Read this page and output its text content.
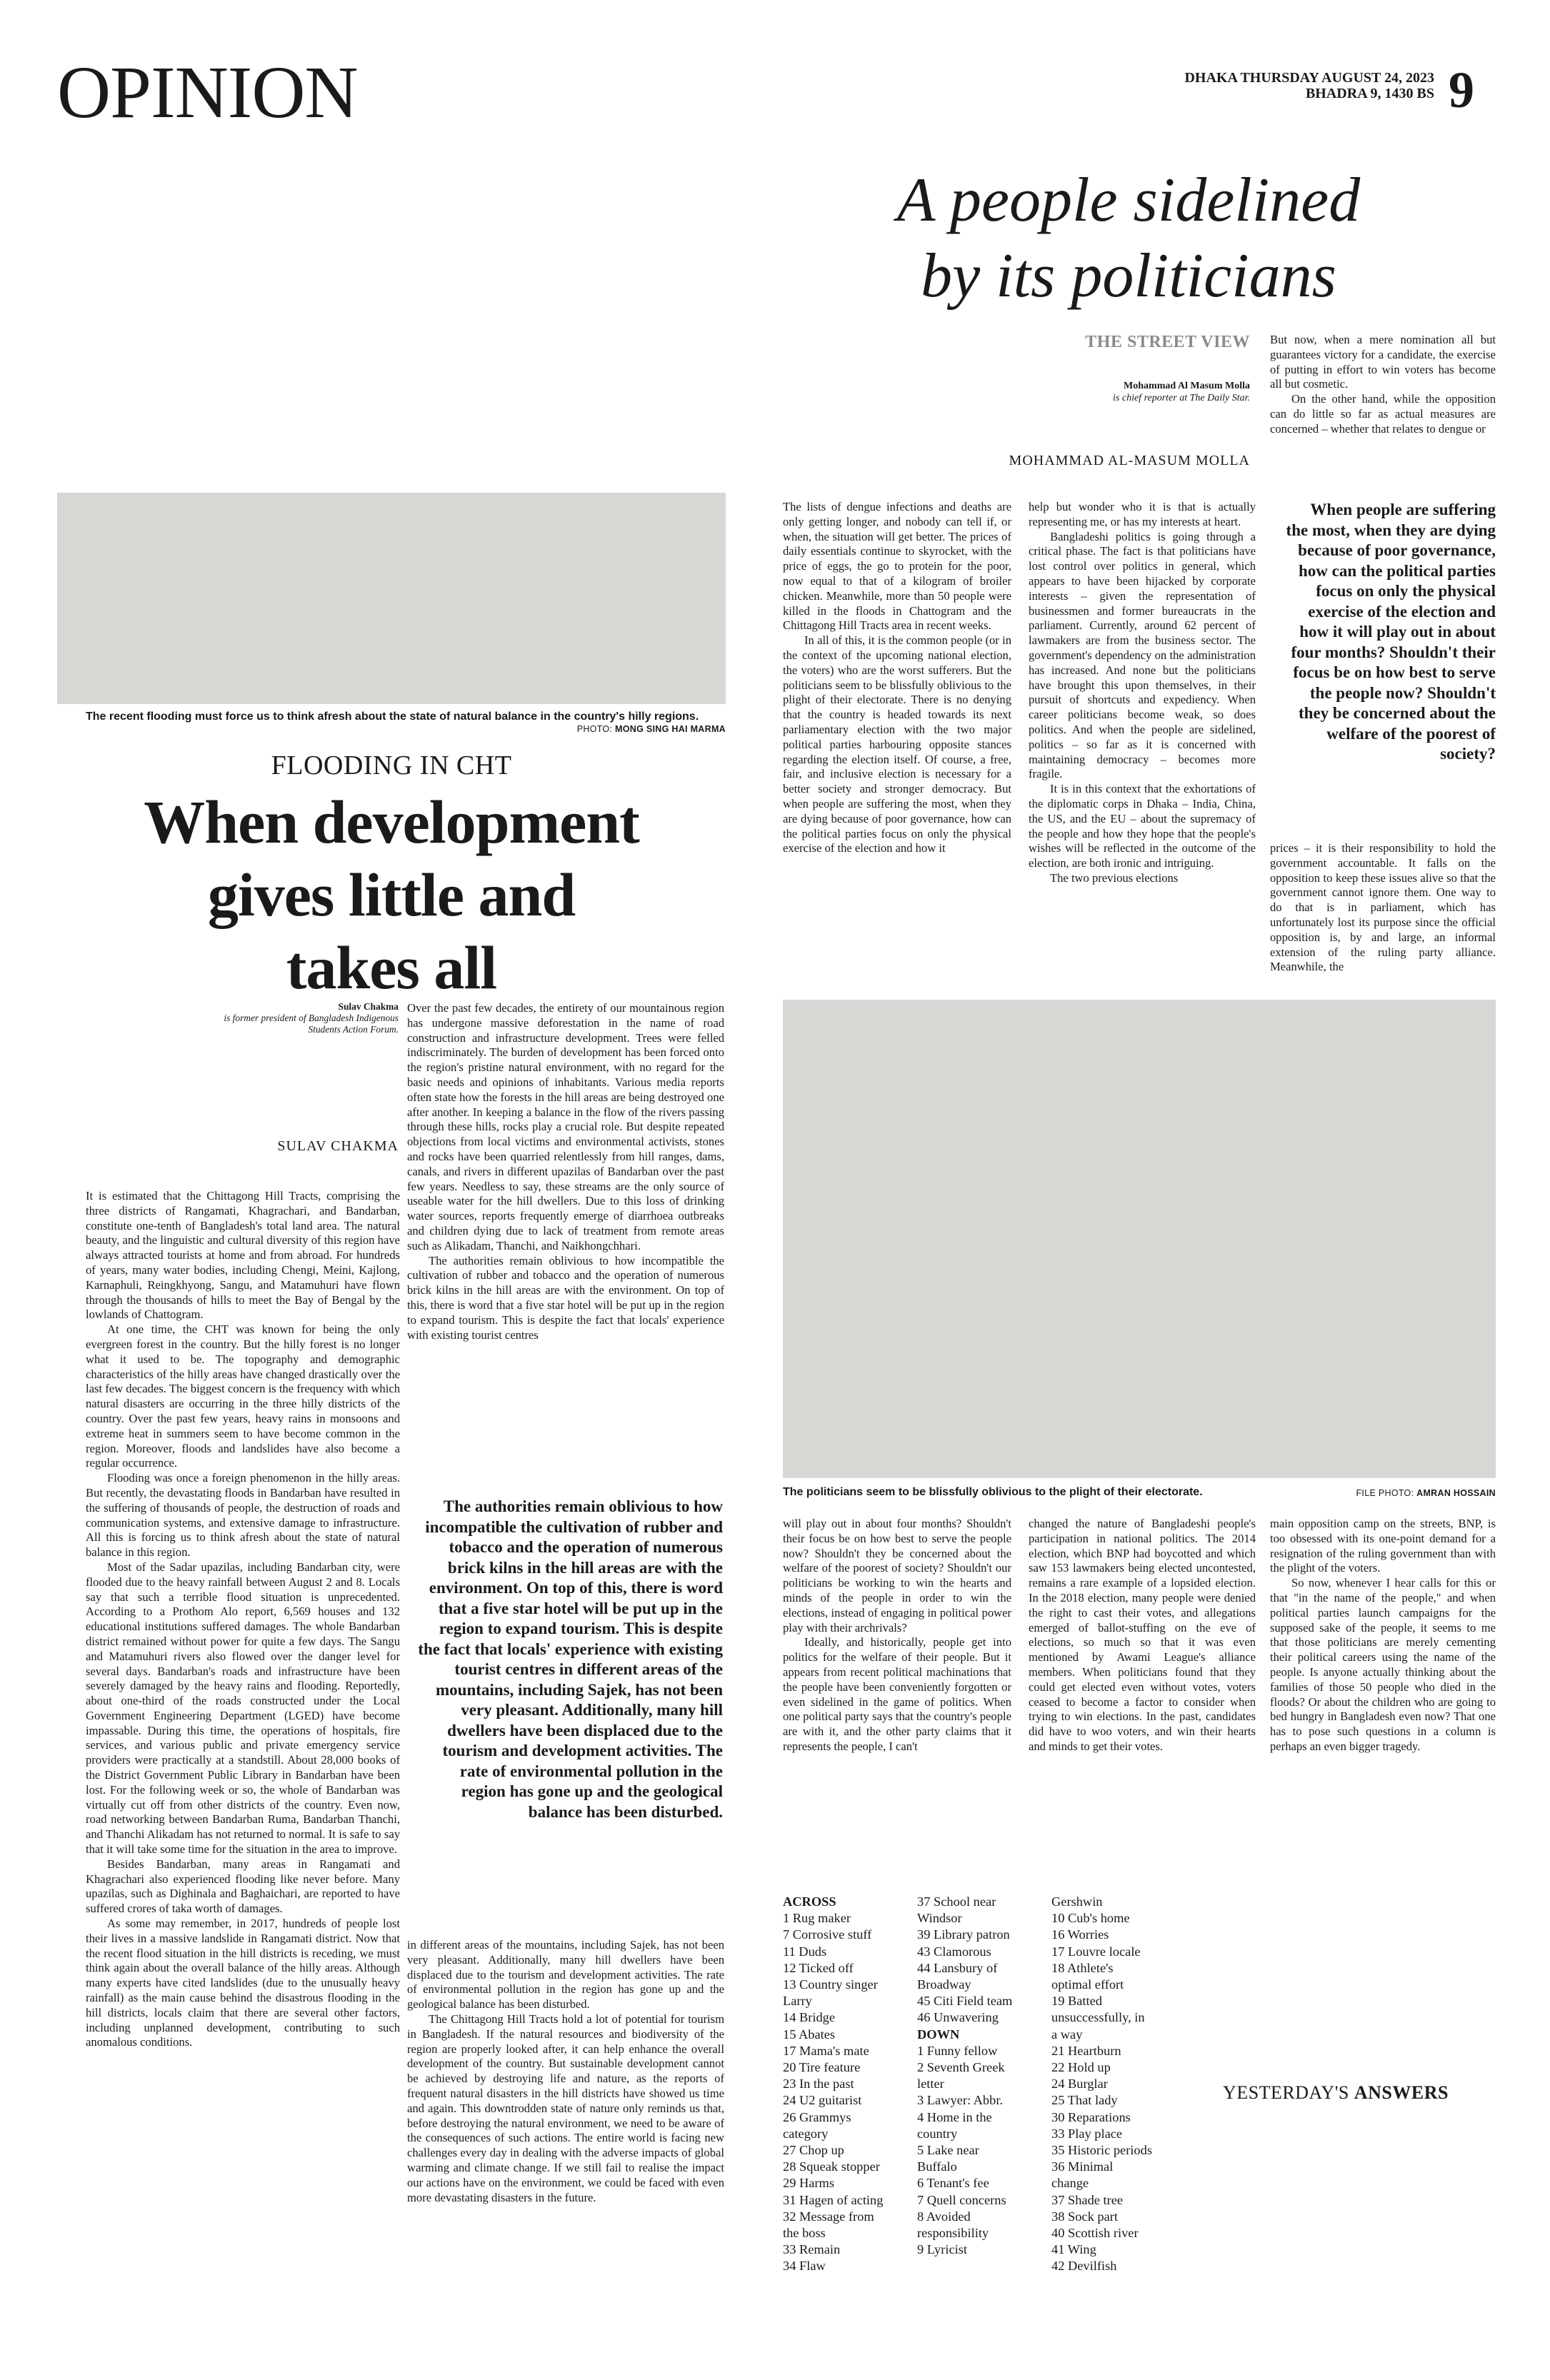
OPINION	DHAKA THURSDAY AUGUST 24, 2023
BHADRA 9, 1430 BS 9
A people sidelined
by its politicians
THE STREET VIEW
Mohammad Al Masum Molla
is chief reporter at The Daily Star.
MOHAMMAD AL-MASUM MOLLA

But now, when a mere nomination all but guarantees victory for a candidate, the exercise of putting in effort to win voters has become all but cosmetic.

On the other hand, while the opposition can do little so far as actual measures are concerned – whether that relates to dengue or

The lists of dengue infections and deaths are only getting longer, and nobody can tell if, or when, the situation will get better. The prices of daily essentials continue to skyrocket, with the price of eggs, the go to protein for the poor, now equal to that of a kilogram of broiler chicken. Meanwhile, more than 50 people were killed in the floods in Chattogram and the Chittagong Hill Tracts area in recent weeks.

In all of this, it is the common people (or in the context of the upcoming national election, the voters) who are the worst sufferers. But the politicians seem to be blissfully oblivious to the plight of their electorate. There is no denying that the country is headed towards its next parliamentary election with the two major political parties harbouring opposite stances regarding the election itself. Of course, a free, fair, and inclusive election is necessary for a better society and stronger democracy. But when people are suffering the most, when they are dying because of poor governance, how can the political parties focus on only the physical exercise of the election and how it

help but wonder who it is that is actually representing me, or has my interests at heart.

Bangladeshi politics is going through a critical phase. The fact is that politicians have lost control over politics in general, which appears to have been hijacked by corporate interests – given the representation of businessmen and former bureaucrats in the parliament. Currently, around 62 percent of lawmakers are from the business sector. The government's dependency on the administration has increased. And none but the politicians have brought this upon themselves, in their pursuit of shortcuts and expediency. When career politicians become weak, so does politics. And when the people are sidelined, politics – so far as it is concerned with maintaining democracy – becomes more fragile.

It is in this context that the exhortations of the diplomatic corps in Dhaka – India, China, the US, and the EU – about the supremacy of the people and how they hope that the people's wishes will be reflected in the outcome of the election, are both ironic and intriguing.

The two previous elections

When people are suffering the most, when they are dying because of poor governance, how can the political parties focus on only the physical exercise of the election and how it will play out in about four months? Shouldn't their focus be on how best to serve the people now? Shouldn't they be concerned about the welfare of the poorest of society?

prices – it is their responsibility to hold the government accountable. It falls on the opposition to keep these issues alive so that the government cannot ignore them. One way to do that is in parliament, which has unfortunately lost its purpose since the official opposition is, by and large, an informal extension of the ruling party alliance. Meanwhile, the

The recent flooding must force us to think afresh about the state of natural balance in the country's hilly regions.
PHOTO: MONG SING HAI MARMA
FLOODING IN CHT
When development
gives little and
takes all
Sulav Chakma
is former president of Bangladesh Indigenous Students Action Forum.
SULAV CHAKMA

Over the past few decades, the entirety of our mountainous region has undergone massive deforestation in the name of road construction and infrastructure development. Trees were felled indiscriminately. The burden of development has been forced onto the region's pristine natural environment, with no regard for the basic needs and opinions of inhabitants. Various media reports often state how the forests in the hill areas are being destroyed one after another. In keeping a balance in the flow of the rivers passing through these hills, rocks play a crucial role. But despite repeated objections from local victims and environmental activists, stones and rocks have been quarried relentlessly from hill ranges, dams, canals, and rivers in different upazilas of Bandarban over the past few years. Needless to say, these streams are the only source of useable water for the hill dwellers. Due to this loss of drinking water sources, reports frequently emerge of diarrhoea outbreaks and children dying due to lack of treatment from remote areas such as Alikadam, Thanchi, and Naikhongchhari.

The authorities remain oblivious to how incompatible the cultivation of rubber and tobacco and the operation of numerous brick kilns in the hill areas are with the environment. On top of this, there is word that a five star hotel will be put up in the region to expand tourism. This is despite the fact that locals' experience with existing tourist centres

It is estimated that the Chittagong Hill Tracts, comprising the three districts of Rangamati, Khagrachari, and Bandarban, constitute one-tenth of Bangladesh's total land area. The natural beauty, and the linguistic and cultural diversity of this region have always attracted tourists at home and from abroad. For hundreds of years, many water bodies, including Chengi, Meini, Kajlong, Karnaphuli, Reingkhyong, Sangu, and Matamuhuri have flown through the thousands of hills to meet the Bay of Bengal by the lowlands of Chattogram.

At one time, the CHT was known for being the only evergreen forest in the country. But the hilly forest is no longer what it used to be. The topography and demographic characteristics of the hilly areas have changed drastically over the last few decades. The biggest concern is the frequency with which natural disasters are occurring in the three hilly districts of the country. Over the past few years, heavy rains in monsoons and extreme heat in summers seem to have become common in the region. Moreover, floods and landslides have also become a regular occurrence.

Flooding was once a foreign phenomenon in the hilly areas. But recently, the devastating floods in Bandarban have resulted in the suffering of thousands of people, the destruction of roads and communication systems, and extensive damage to infrastructure. All this is forcing us to think afresh about the state of natural balance in this region.

Most of the Sadar upazilas, including Bandarban city, were flooded due to the heavy rainfall between August 2 and 8. Locals say that such a terrible flood situation is unprecedented. According to a Prothom Alo report, 6,569 houses and 132 educational institutions suffered damages. The whole Bandarban district remained without power for quite a few days. The Sangu and Matamuhuri rivers also flowed over the danger level for several days. Bandarban's roads and infrastructure have been severely damaged by the heavy rains and flooding. Reportedly, about one-third of the roads constructed under the Local Government Engineering Department (LGED) have become impassable. During this time, the operations of hospitals, fire services, and various public and private emergency service providers were practically at a standstill. About 28,000 books of the District Government Public Library in Bandarban have been lost. For the following week or so, the whole of Bandarban was virtually cut off from other districts of the country. Even now, road networking between Bandarban Ruma, Bandarban Thanchi, and Thanchi Alikadam has not returned to normal. It is safe to say that it will take some time for the situation in the area to improve.

Besides Bandarban, many areas in Rangamati and Khagrachari also experienced flooding like never before. Many upazilas, such as Dighinala and Baghaichari, are reported to have suffered crores of taka worth of damages.

As some may remember, in 2017, hundreds of people lost their lives in a massive landslide in Rangamati district. Now that the recent flood situation in the hill districts is receding, we must think again about the overall balance of the hilly areas. Although many experts have cited landslides (due to the unusually heavy rainfall) as the main cause behind the disastrous flooding in the hill districts, locals claim that there are several other factors, including unplanned development, contributing to such anomalous conditions.

The authorities remain oblivious to how incompatible the cultivation of rubber and tobacco and the operation of numerous brick kilns in the hill areas are with the environment. On top of this, there is word that a five star hotel will be put up in the region to expand tourism. This is despite the fact that locals' experience with existing tourist centres in different areas of the mountains, including Sajek, has not been very pleasant. Additionally, many hill dwellers have been displaced due to the tourism and development activities. The rate of environmental pollution in the region has gone up and the geological balance has been disturbed.

in different areas of the mountains, including Sajek, has not been very pleasant. Additionally, many hill dwellers have been displaced due to the tourism and development activities. The rate of environmental pollution in the region has gone up and the geological balance has been disturbed.

The Chittagong Hill Tracts hold a lot of potential for tourism in Bangladesh. If the natural resources and biodiversity of the region are properly looked after, it can help enhance the overall development of the country. But sustainable development cannot be achieved by destroying life and nature, as the reports of frequent natural disasters in the hill districts have showed us time and again. This downtrodden state of nature only reminds us that, before destroying the natural environment, we need to be aware of the consequences of such actions. The entire world is facing new challenges every day in dealing with the adverse impacts of global warming and climate change. If we still fail to realise the impact our actions have on the environment, we could be faced with even more devastating disasters in the future.

The politicians seem to be blissfully oblivious to the plight of their electorate.	FILE PHOTO: AMRAN HOSSAIN

will play out in about four months? Shouldn't their focus be on how best to serve the people now? Shouldn't they be concerned about the welfare of the poorest of society? Shouldn't our politicians be working to win the hearts and minds of the people in order to win the elections, instead of engaging in political power play with their archrivals?

Ideally, and historically, people get into politics for the welfare of their people. But it appears from recent political machinations that the people have been conveniently forgotten or even sidelined in the game of politics. When one political party says that the country's people are with it, and the other party claims that it represents the people, I can't

changed the nature of Bangladeshi people's participation in national politics. The 2014 election, which BNP had boycotted and which saw 153 lawmakers being elected uncontested, remains a rare example of a lopsided election. In the 2018 election, many people were denied the right to cast their votes, and allegations emerged of ballot-stuffing on the eve of elections, so much so that it was even mentioned by Awami League's alliance members. When politicians found that they could get elected even without votes, voters ceased to become a factor to consider when trying to win elections. In the past, candidates did have to woo voters, and win their hearts and minds to get their votes.

main opposition camp on the streets, BNP, is too obsessed with its one-point demand for a resignation of the ruling government than with the plight of the voters.

So now, whenever I hear calls for this or that "in the name of the people," and when political parties launch campaigns for the supposed sake of the people, it seems to me that those politicians are merely cementing their political careers using the name of the people. Is anyone actually thinking about the families of those 50 people who died in the floods? Or about the children who are going to bed hungry in Bangladesh even now? That one has to pose such questions in a column is perhaps an even bigger tragedy.

ACROSS
1 Rug maker
7 Corrosive stuff
11 Duds
12 Ticked off
13 Country singer
Larry
14 Bridge
15 Abates
17 Mama's mate
20 Tire feature
23 In the past
24 U2 guitarist
26 Grammys
category
27 Chop up
28 Squeak stopper
29 Harms
31 Hagen of acting
32 Message from
the boss
33 Remain
34 Flaw
37 School near
Windsor
39 Library patron
43 Clamorous
44 Lansbury of
Broadway
45 Citi Field team
46 Unwavering
DOWN
1 Funny fellow
2 Seventh Greek
letter
3 Lawyer: Abbr.
4 Home in the
country
5 Lake near
Buffalo
6 Tenant's fee
7 Quell concerns
8 Avoided
responsibility
9 Lyricist
Gershwin
10 Cub's home
16 Worries
17 Louvre locale
18 Athlete's
optimal effort
19 Batted
unsuccessfully, in
a way
21 Heartburn
22 Hold up
24 Burglar
25 That lady
30 Reparations
33 Play place
35 Historic periods
36 Minimal
change
37 Shade tree
38 Sock part
40 Scottish river
41 Wing
42 Devilfish
YESTERDAY'S ANSWERS
